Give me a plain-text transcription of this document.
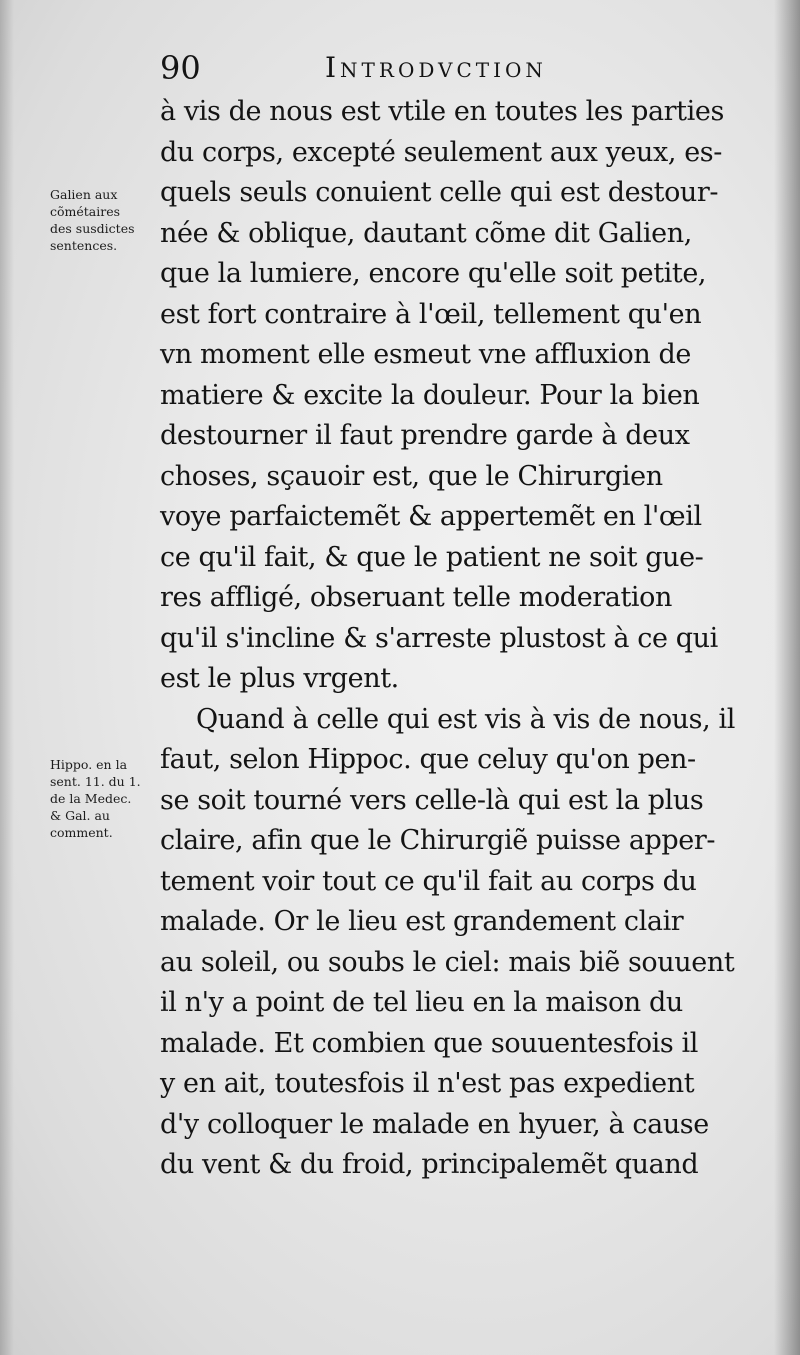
90	Introdvction
Galien aux
cõmétaires
des susdictes
sentences.
Hippo. en la
sent. 11. du 1.
de la Medec.
& Gal. au
comment.
à vis de nous est vtile en toutes les parties
du corps, excepté seulement aux yeux, es-
quels seuls conuient celle qui est destour-
née & oblique, dautant cõme dit Galien,
que la lumiere, encore qu'elle soit petite,
est fort contraire à l'œil, tellement qu'en
vn moment elle esmeut vne affluxion de
matiere & excite la douleur. Pour la bien
destourner il faut prendre garde à deux
choses, sçauoir est, que le Chirurgien
voye parfaictemẽt & appertemẽt en l'œil
ce qu'il fait, & que le patient ne soit gue-
res affligé, obseruant telle moderation
qu'il s'incline & s'arreste plustost à ce qui
est le plus vrgent.
Quand à celle qui est vis à vis de nous, il
faut, selon Hippoc. que celuy qu'on pen-
se soit tourné vers celle-là qui est la plus
claire, afin que le Chirurgiẽ puisse apper-
tement voir tout ce qu'il fait au corps du
malade. Or le lieu est grandement clair
au soleil, ou soubs le ciel: mais biẽ souuent
il n'y a point de tel lieu en la maison du
malade. Et combien que souuentesfois il
y en ait, toutesfois il n'est pas expedient
d'y colloquer le malade en hyuer, à cause
du vent & du froid, principalemẽt quand
